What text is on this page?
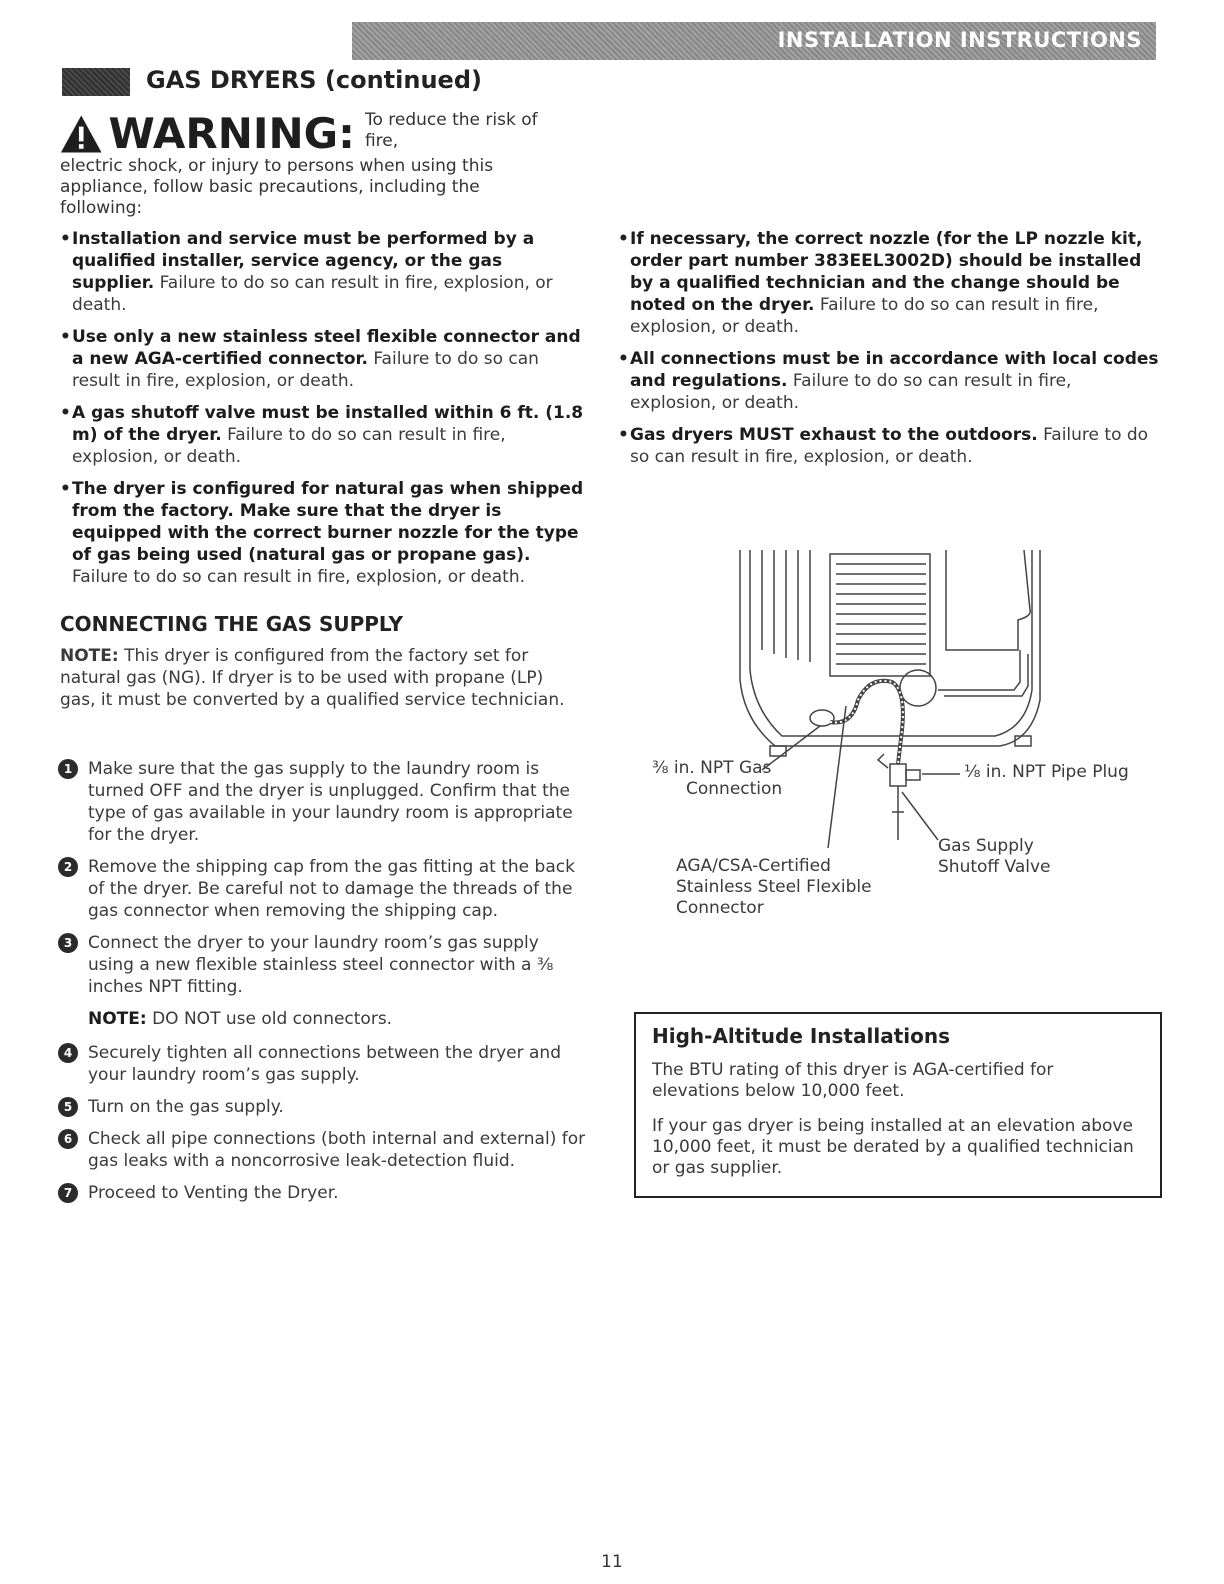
INSTALLATION INSTRUCTIONS
GAS DRYERS (continued)
WARNING: To reduce the risk of fire,
electric shock, or injury to persons when using this appliance, follow basic precautions, including the following:
• Installation and service must be performed by a qualified installer, service agency, or the gas supplier. Failure to do so can result in fire, explosion, or death.
• Use only a new stainless steel flexible connector and a new AGA-certified connector. Failure to do so can result in fire, explosion, or death.
• A gas shutoff valve must be installed within 6 ft. (1.8 m) of the dryer. Failure to do so can result in fire, explosion, or death.
• The dryer is configured for natural gas when shipped from the factory. Make sure that the dryer is equipped with the correct burner nozzle for the type of gas being used (natural gas or propane gas). Failure to do so can result in fire, explosion, or death.
• If necessary, the correct nozzle (for the LP nozzle kit, order part number 383EEL3002D) should be installed by a qualified technician and the change should be noted on the dryer. Failure to do so can result in fire, explosion, or death.
• All connections must be in accordance with local codes and regulations. Failure to do so can result in fire, explosion, or death.
• Gas dryers MUST exhaust to the outdoors. Failure to do so can result in fire, explosion, or death.
CONNECTING THE GAS SUPPLY
NOTE: This dryer is configured from the factory set for natural gas (NG). If dryer is to be used with propane (LP) gas, it must be converted by a qualified service technician.
1 Make sure that the gas supply to the laundry room is turned OFF and the dryer is unplugged. Confirm that the type of gas available in your laundry room is appropriate for the dryer.
2 Remove the shipping cap from the gas fitting at the back of the dryer. Be careful not to damage the threads of the gas connector when removing the shipping cap.
3 Connect the dryer to your laundry room’s gas supply using a new flexible stainless steel connector with a ⅜ inches NPT fitting.
NOTE: DO NOT use old connectors.
4 Securely tighten all connections between the dryer and your laundry room’s gas supply.
5 Turn on the gas supply.
6 Check all pipe connections (both internal and external) for gas leaks with a noncorrosive leak-detection fluid.
7 Proceed to Venting the Dryer.
⅜ in. NPT Gas
Connection
⅛ in. NPT Pipe Plug
Gas Supply
Shutoff Valve
AGA/CSA-Certified
Stainless Steel Flexible
Connector
High-Altitude Installations
The BTU rating of this dryer is AGA-certified for elevations below 10,000 feet.
If your gas dryer is being installed at an elevation above 10,000 feet, it must be derated by a qualified technician or gas supplier.
11
